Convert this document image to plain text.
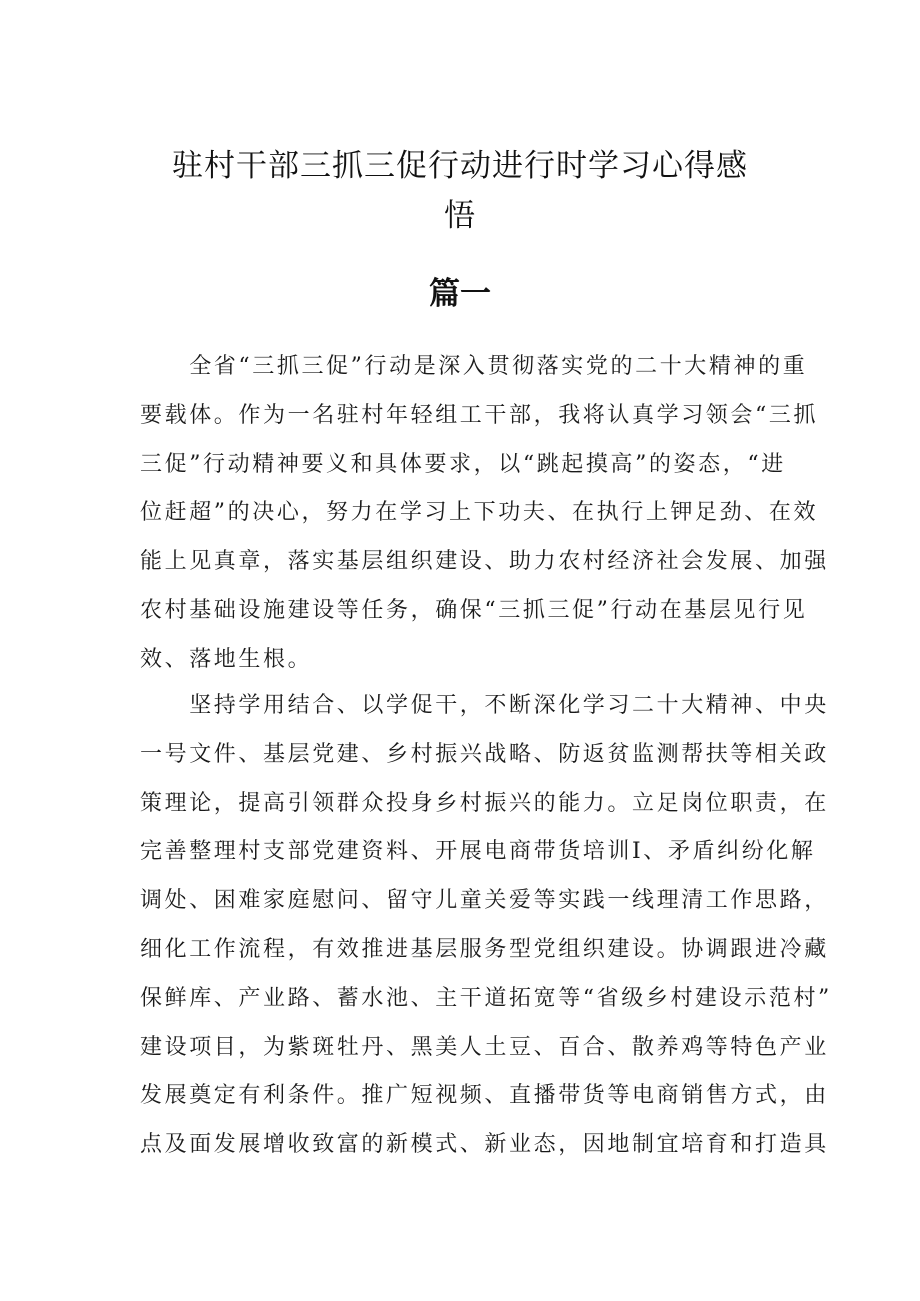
驻村干部三抓三促行动进行时学习心得感
悟
篇一
　　全省“三抓三促”行动是深入贯彻落实党的二十大精神的重
要载体。作为一名驻村年轻组工干部，我将认真学习领会“三抓
三促”行动精神要义和具体要求，以“跳起摸高”的姿态，“进
位赶超”的决心，努力在学习上下功夫、在执行上钾足劲、在效
能上见真章，落实基层组织建设、助力农村经济社会发展、加强
农村基础设施建设等任务，确保“三抓三促”行动在基层见行见
效、落地生根。
　　坚持学用结合、以学促干，不断深化学习二十大精神、中央
一号文件、基层党建、乡村振兴战略、防返贫监测帮扶等相关政
策理论，提高引领群众投身乡村振兴的能力。立足岗位职责，在
完善整理村支部党建资料、开展电商带货培训Ⅰ、矛盾纠纷化解
调处、困难家庭慰问、留守儿童关爱等实践一线理清工作思路，
细化工作流程，有效推进基层服务型党组织建设。协调跟进冷藏
保鲜库、产业路、蓄水池、主干道拓宽等“省级乡村建设示范村”
建设项目，为紫斑牡丹、黑美人土豆、百合、散养鸡等特色产业
发展奠定有利条件。推广短视频、直播带货等电商销售方式，由
点及面发展增收致富的新模式、新业态，因地制宜培育和打造具
